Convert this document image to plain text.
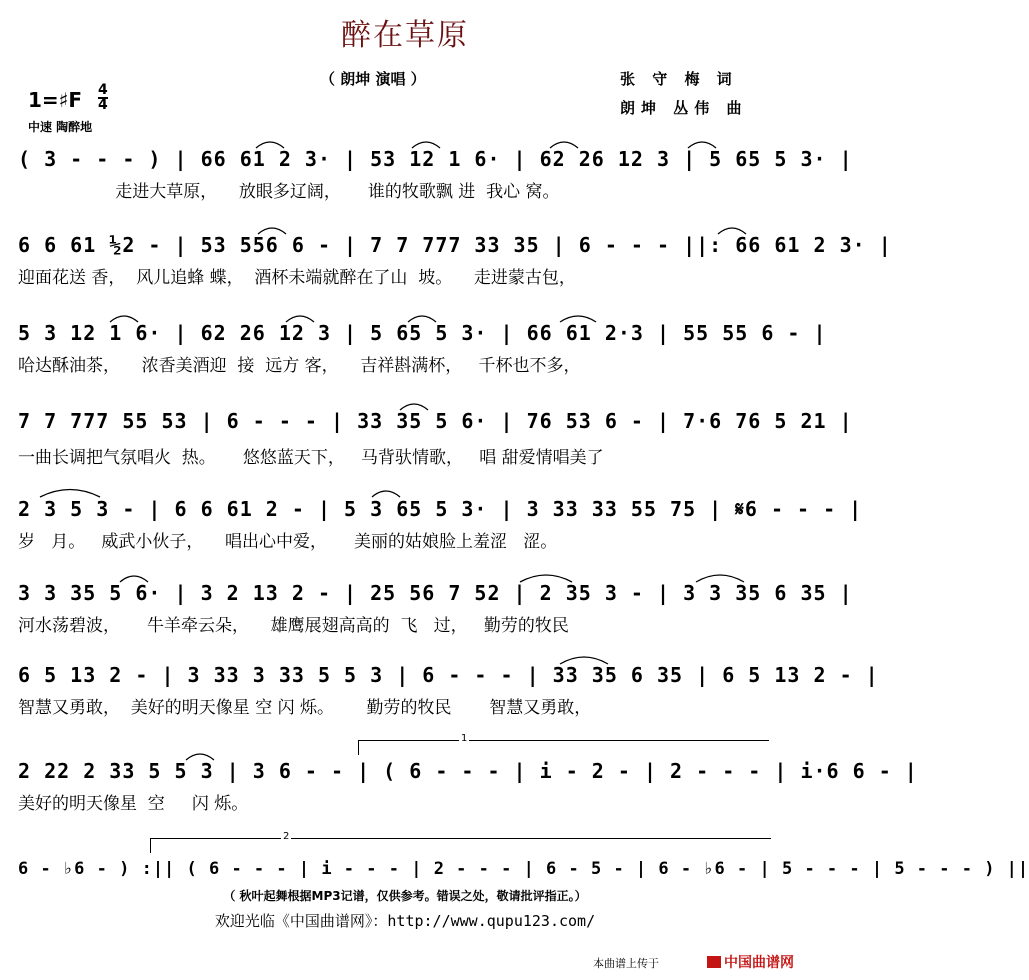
醉在草原
（ 朗坤 演唱 ）	张 守 梅 词
朗坤 丛伟 曲
1=♯F 4
4
中速 陶醉地
( 3 - - - ) | 66 61 2 3· | 53 12 1 6· | 62 26 12 3 | 5 65 5 3· |
走进大草原，    放眼多辽阔，     谁的牧歌飘 进  我心 窝。
6 6 61 ½2 - | 53 556 6 - | 7 7 777 33 35 | 6 - - - ||: 66 61 2 3· |
迎面花送 香，  风儿追蜂 蝶，  酒杯未端就醉在了山  坡。    走进蒙古包，
5 3 12 1 6· | 62 26 12 3 | 5 65 5 3· | 66 61 2·3 | 55 55 6 - |
哈达酥油茶，    浓香美酒迎  接  远方 客，    吉祥斟满杯，   千杯也不多，
7 7 777 55 53 | 6 - - - | 33 35 5 6· | 76 53 6 - | 7·6 76 5 21 |
一曲长调把气氛唱火  热。     悠悠蓝天下，   马背驮情歌，   唱 甜爱情唱美了
2 3 5 3 - | 6 6 61 2 - | 5 3 65 5 3· | 3 33 33 55 75 | 𝄋6 - - - |
岁   月。   威武小伙子，    唱出心中爱，     美丽的姑娘脸上羞涩   涩。
3 3 35 5 6· | 3 2 13 2 - | 25 56 7 52 | 2 35 3 - | 3 3 35 6 35 |
河水荡碧波，     牛羊牵云朵，    雄鹰展翅高高的  飞   过，   勤劳的牧民
6 5 13 2 - | 3 33 3 33 5 5 3 | 6 - - - | 33 35 6 35 | 6 5 13 2 - |
智慧又勇敢，  美好的明天像星 空 闪 烁。      勤劳的牧民       智慧又勇敢，
1
2 22 2 33 5 5 3 | 3 6 - - | ( 6 - - - | i - 2 - | 2 - - - | i·6 6 - |
美好的明天像星  空     闪 烁。
2
6 - ♭6 - ) :|| ( 6 - - - | i - - - | 2 - - - | 6 - 5 - | 6 - ♭6 - | 5 - - - | 5 - - - ) ||
（ 秋叶起舞根据MP3记谱，仅供参考。错误之处，敬请批评指正。）
欢迎光临《中国曲谱网》：http://www.qupu123.com/
本曲谱上传于	中国曲谱网
